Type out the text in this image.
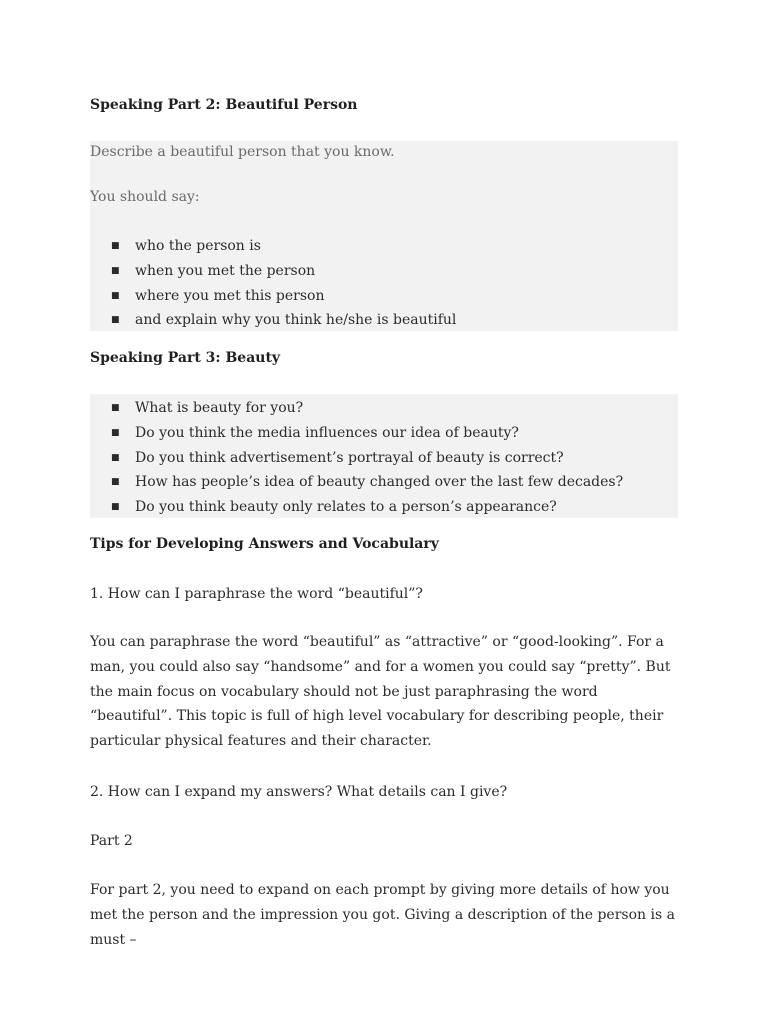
Speaking Part 2: Beautiful Person
Describe a beautiful person that you know.
You should say:
■ who the person is
■ when you met the person
■ where you met this person
■ and explain why you think he/she is beautiful
Speaking Part 3: Beauty
■ What is beauty for you?
■ Do you think the media influences our idea of beauty?
■ Do you think advertisement’s portrayal of beauty is correct?
■ How has people’s idea of beauty changed over the last few decades?
■ Do you think beauty only relates to a person’s appearance?
Tips for Developing Answers and Vocabulary

1. How can I paraphrase the word “beautiful”?

You can paraphrase the word “beautiful” as “attractive” or “good-looking”. For a man, you could also say “handsome” and for a women you could say “pretty”. But the main focus on vocabulary should not be just paraphrasing the word “beautiful”. This topic is full of high level vocabulary for describing people, their particular physical features and their character.

2. How can I expand my answers? What details can I give?

Part 2

For part 2, you need to expand on each prompt by giving more details of how you met the person and the impression you got. Giving a description of the person is a must –
